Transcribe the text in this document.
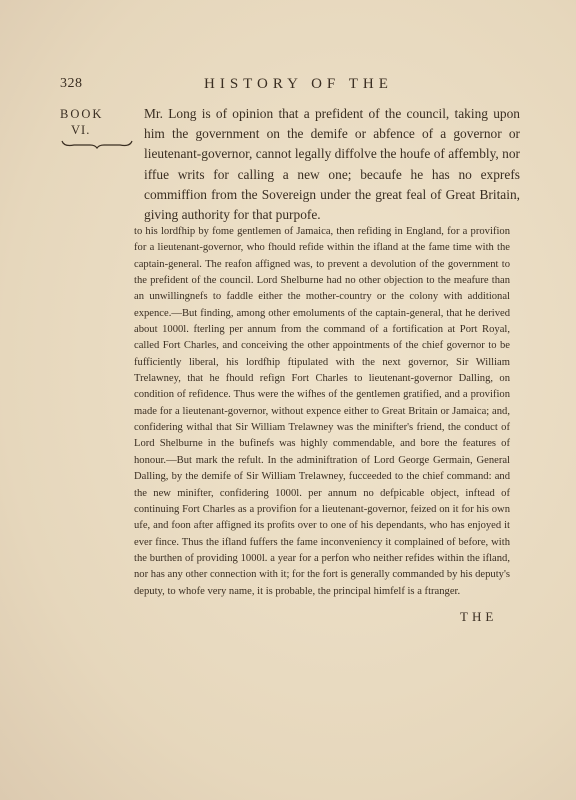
328	HISTORY OF THE
BOOK
VI.

Mr. Long is of opinion that a prefident of the council, taking upon him the government on the demife or abfence of a governor or lieutenant-governor, cannot legally diffolve the houfe of affembly, nor iffue writs for calling a new one; becaufe he has no exprefs commiffion from the Sovereign under the great feal of Great Britain, giving authority for that purpofe.

to his lordfhip by fome gentlemen of Jamaica, then refiding in England, for a provifion for a lieutenant-governor, who fhould refide within the ifland at the fame time with the captain-general. The reafon affigned was, to prevent a devolution of the government to the prefident of the council. Lord Shelburne had no other objection to the meafure than an unwillingnefs to faddle either the mother-country or the colony with additional expence.—But finding, among other emoluments of the captain-general, that he derived about 1000l. fterling per annum from the command of a fortification at Port Royal, called Fort Charles, and conceiving the other appointments of the chief governor to be fufficiently liberal, his lordfhip ftipulated with the next governor, Sir William Trelawney, that he fhould refign Fort Charles to lieutenant-governor Dalling, on condition of refidence. Thus were the wifhes of the gentlemen gratified, and a provifion made for a lieutenant-governor, without expence either to Great Britain or Jamaica; and, confidering withal that Sir William Trelawney was the minifter's friend, the conduct of Lord Shelburne in the bufinefs was highly commendable, and bore the features of honour.—But mark the refult. In the adminiftration of Lord George Germain, General Dalling, by the demife of Sir William Trelawney, fucceeded to the chief command: and the new minifter, confidering 1000l. per annum no defpicable object, inftead of continuing Fort Charles as a provifion for a lieutenant-governor, feized on it for his own ufe, and foon after affigned its profits over to one of his dependants, who has enjoyed it ever fince. Thus the ifland fuffers the fame inconveniency it complained of before, with the burthen of providing 1000l. a year for a perfon who neither refides within the ifland, nor has any other connection with it; for the fort is generally commanded by his deputy's deputy, to whofe very name, it is probable, the principal himfelf is a ftranger.

THE
